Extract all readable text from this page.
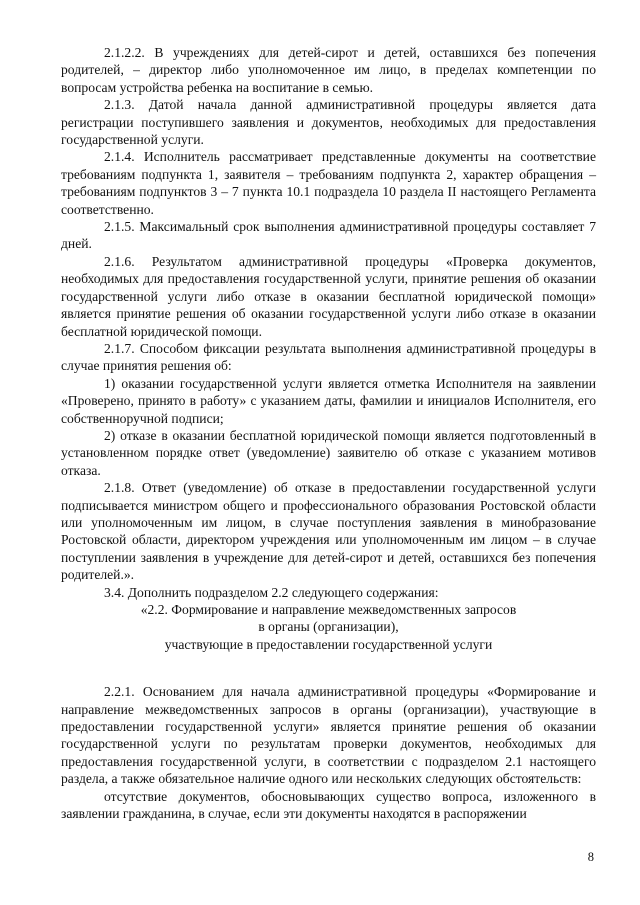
2.1.2.2. В учреждениях для детей-сирот и детей, оставшихся без попечения родителей, – директор либо уполномоченное им лицо, в пределах компетенции по вопросам устройства ребенка на воспитание в семью.

2.1.3. Датой начала данной административной процедуры является дата регистрации поступившего заявления и документов, необходимых для предоставления государственной услуги.

2.1.4. Исполнитель рассматривает представленные документы на соответствие требованиям подпункта 1, заявителя – требованиям подпункта 2, характер обращения – требованиям подпунктов 3 – 7 пункта 10.1 подраздела 10 раздела II настоящего Регламента соответственно.

2.1.5. Максимальный срок выполнения административной процедуры составляет 7 дней.

2.1.6. Результатом административной процедуры «Проверка документов, необходимых для предоставления государственной услуги, принятие решения об оказании государственной услуги либо отказе в оказании бесплатной юридической помощи» является принятие решения об оказании государственной услуги либо отказе в оказании бесплатной юридической помощи.

2.1.7. Способом фиксации результата выполнения административной процедуры в случае принятия решения об:

1) оказании государственной услуги является отметка Исполнителя на заявлении «Проверено, принято в работу» с указанием даты, фамилии и инициалов Исполнителя, его собственноручной подписи;

2) отказе в оказании бесплатной юридической помощи является подготовленный в установленном порядке ответ (уведомление) заявителю об отказе с указанием мотивов отказа.

2.1.8. Ответ (уведомление) об отказе в предоставлении государственной услуги подписывается министром общего и профессионального образования Ростовской области или уполномоченным им лицом, в случае поступления заявления в минобразование Ростовской области, директором учреждения или уполномоченным им лицом – в случае поступлении заявления в учреждение для детей-сирот и детей, оставшихся без попечения родителей.».

3.4. Дополнить подразделом 2.2 следующего содержания:

«2.2. Формирование и направление межведомственных запросов

в органы (организации),

участвующие в предоставлении государственной услуги

2.2.1. Основанием для начала административной процедуры «Формирование и направление межведомственных запросов в органы (организации), участвующие в предоставлении государственной услуги» является принятие решения об оказании государственной услуги по результатам проверки документов, необходимых для предоставления государственной услуги, в соответствии с подразделом 2.1 настоящего раздела, а также обязательное наличие одного или нескольких следующих обстоятельств:

отсутствие документов, обосновывающих существо вопроса, изложенного в заявлении гражданина, в случае, если эти документы находятся в распоряжении

8
